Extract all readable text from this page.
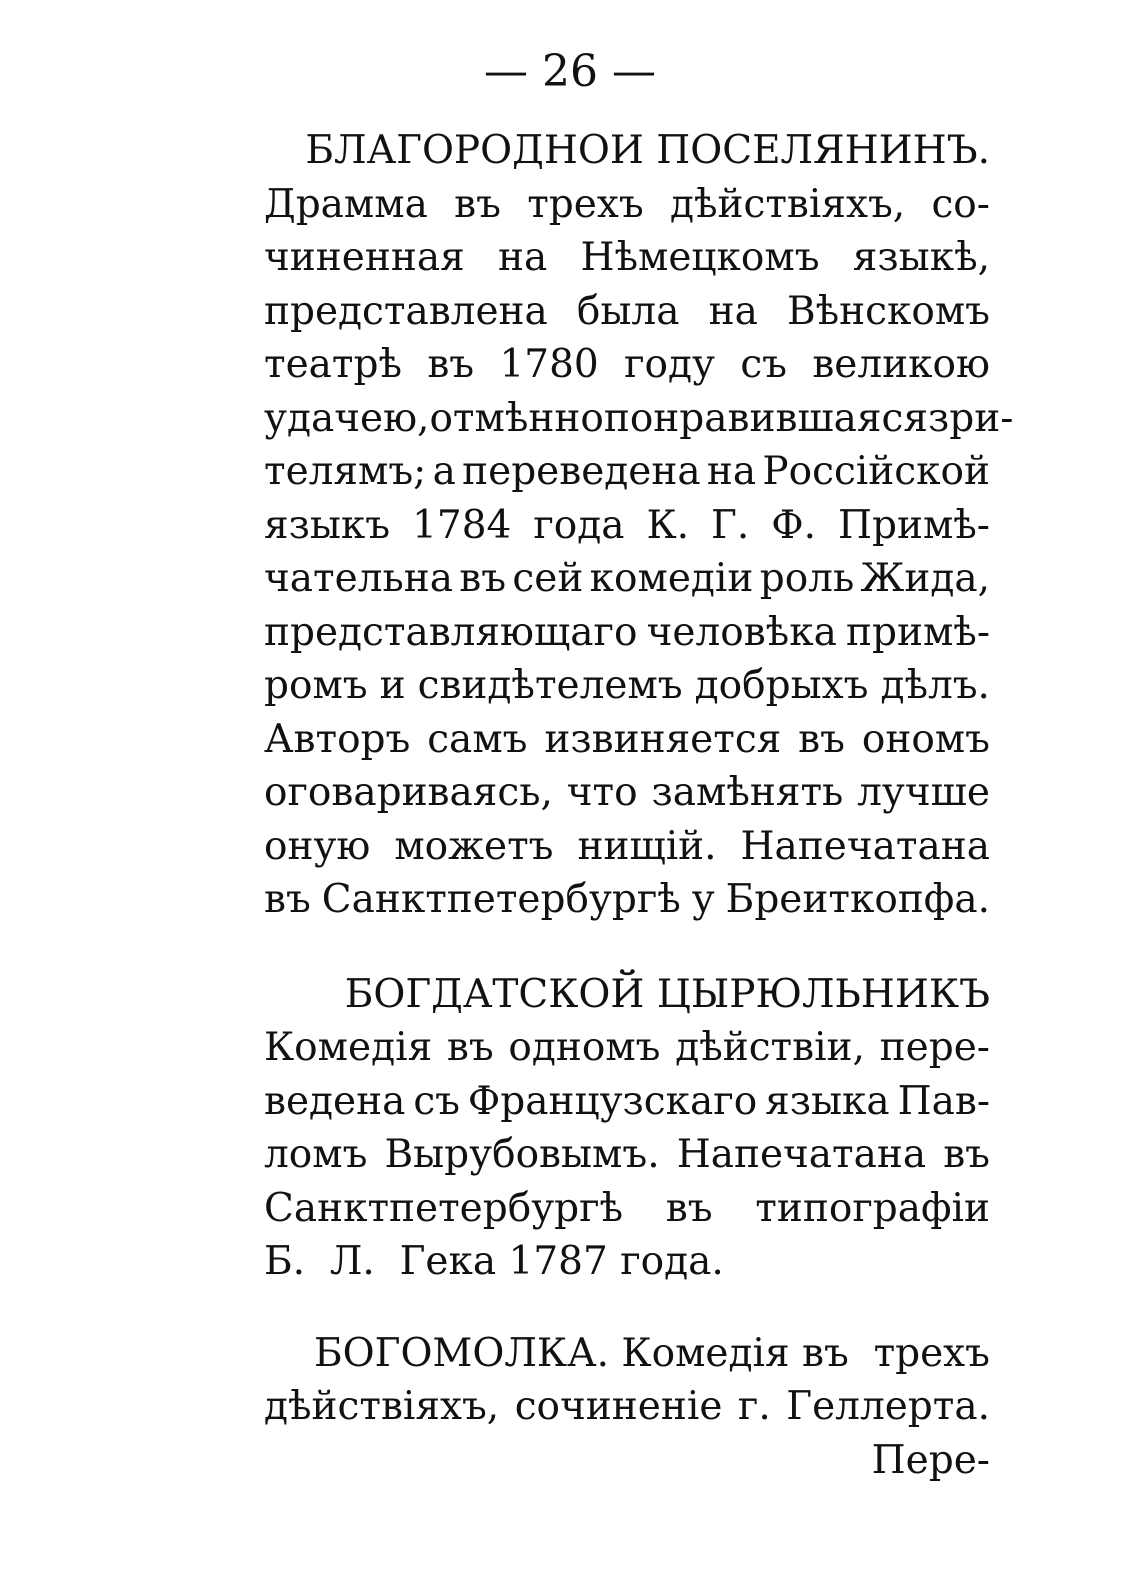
— 26 —
БЛАГОРОДНОИ ПОСЕЛЯНИНЪ.
Драмма въ трехъ дѣйствіяхъ, со-
чиненная на Нѣмецкомъ языкѣ,
представлена была на Вѣнскомъ
театрѣ въ 1780 году съ великою
удачею, отмѣнно понравившаяся зри-
телямъ; а переведена на Россійской
языкъ 1784 года К. Г. Ф. Примѣ-
чательна въ сей комедіи роль Жида,
представляющаго человѣка примѣ-
ромъ и свидѣтелемъ добрыхъ дѣлъ.
Авторъ самъ извиняется въ ономъ
оговариваясь, что замѣнять лучше
оную можетъ нищій. Напечатана
въ Санктпетербургѣ у Бреиткопфа.
БОГДАТСКОЙ ЦЫРЮЛЬНИКЪ
Комедія въ одномъ дѣйствіи, пере-
ведена съ Французскаго языка Пав-
ломъ Вырубовымъ. Напечатана въ
Санктпетербургѣ въ типографіи
Б. Л. Гека 1787 года.
БОГОМОЛКА.
Комедія
въ
трехъ
дѣйствіяхъ, сочиненіе г. Геллерта.
Пере-
